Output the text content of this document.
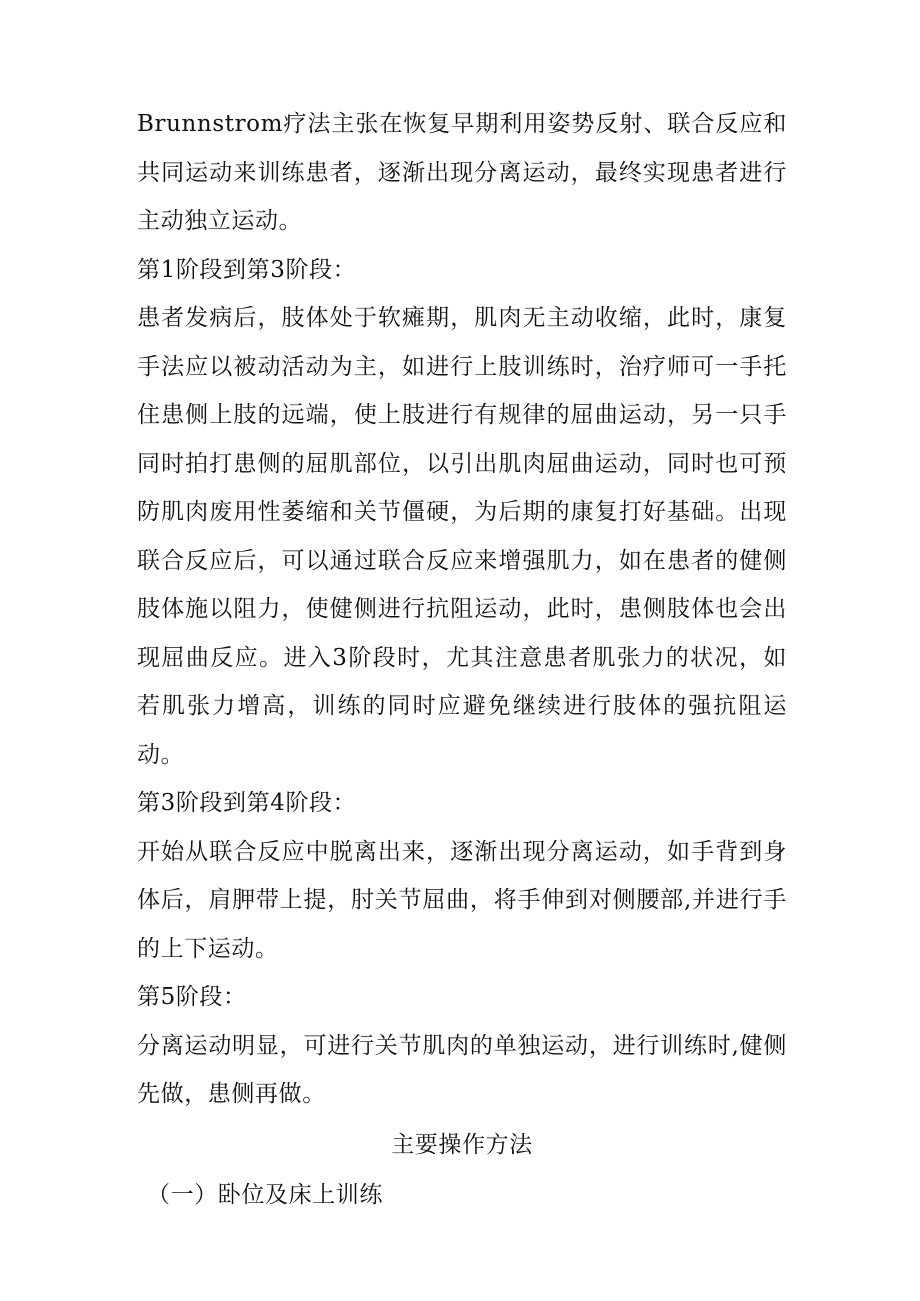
Brunnstrom疗法主张在恢复早期利用姿势反射、联合反应和共同运动来训练患者，逐渐出现分离运动，最终实现患者进行主动独立运动。

第1阶段到第3阶段：

患者发病后，肢体处于软瘫期，肌肉无主动收缩，此时，康复手法应以被动活动为主，如进行上肢训练时，治疗师可一手托住患侧上肢的远端，使上肢进行有规律的屈曲运动，另一只手同时拍打患侧的屈肌部位，以引出肌肉屈曲运动，同时也可预防肌肉废用性萎缩和关节僵硬，为后期的康复打好基础。出现联合反应后，可以通过联合反应来增强肌力，如在患者的健侧肢体施以阻力，使健侧进行抗阻运动，此时，患侧肢体也会出现屈曲反应。进入3阶段时，尤其注意患者肌张力的状况，如若肌张力增高，训练的同时应避免继续进行肢体的强抗阻运动。

第3阶段到第4阶段：

开始从联合反应中脱离出来，逐渐出现分离运动，如手背到身体后，肩胛带上提，肘关节屈曲，将手伸到对侧腰部,并进行手的上下运动。

第5阶段：

分离运动明显，可进行关节肌肉的单独运动，进行训练时,健侧先做，患侧再做。

主要操作方法

（一）卧位及床上训练
